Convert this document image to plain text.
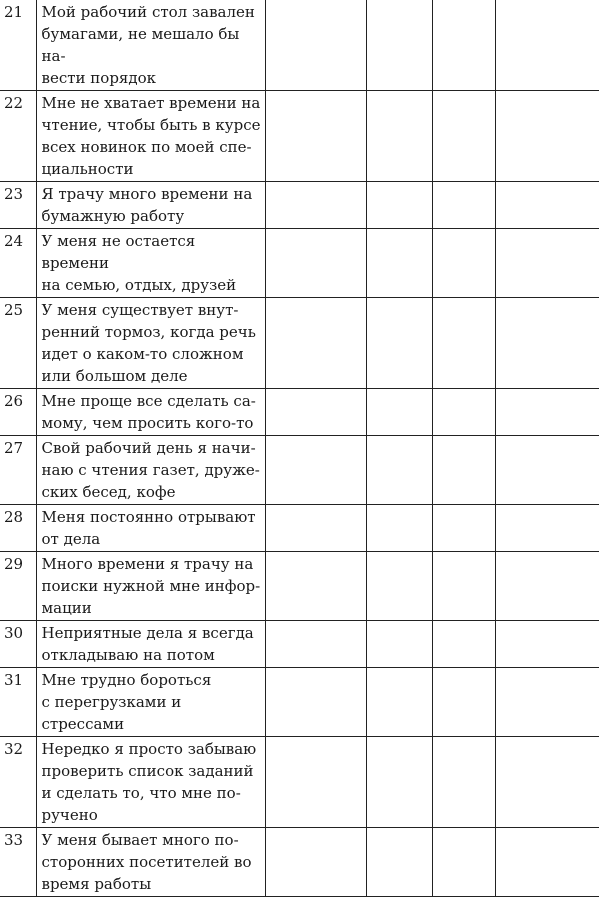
21	Мой рабочий стол завален
бумагами, не мешало бы на-
вести порядок				
22	Мне не хватает времени на
чтение, чтобы быть в курсе
всех новинок по моей спе-
циальности				
23	Я трачу много времени на
бумажную работу				
24	У меня не остается времени
на семью, отдых, друзей				
25	У меня существует внут-
ренний тормоз, когда речь
идет о каком-то сложном
или большом деле				
26	Мне проще все сделать са-
мому, чем просить кого-то				
27	Свой рабочий день я начи-
наю с чтения газет, друже-
ских бесед, кофе				
28	Меня постоянно отрывают
от дела				
29	Много времени я трачу на
поиски нужной мне инфор-
мации				
30	Неприятные дела я всегда
откладываю на потом				
31	Мне трудно бороться
с перегрузками и стрессами				
32	Нередко я просто забываю
проверить список заданий
и сделать то, что мне по-
ручено				
33	У меня бывает много по-
сторонних посетителей во
время работы				
